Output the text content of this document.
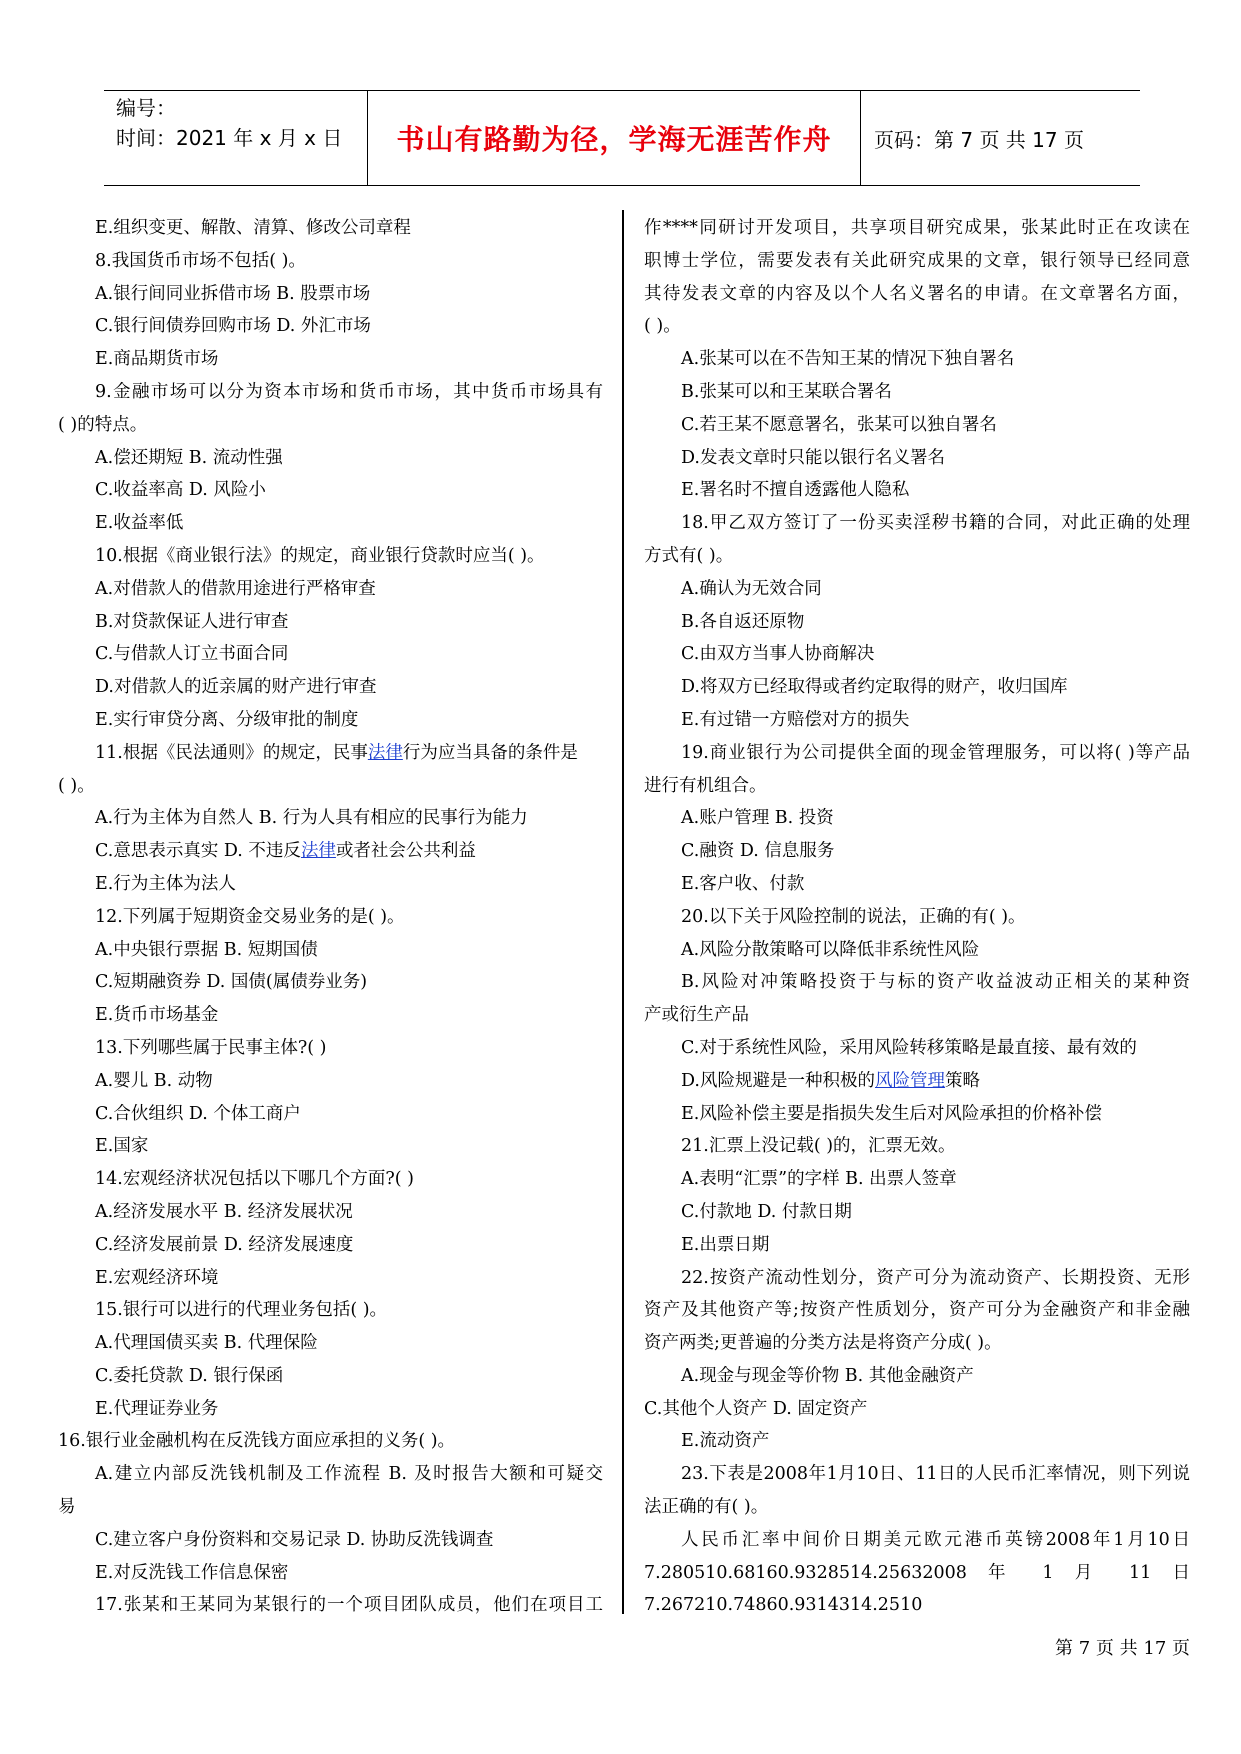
编号：
时间：2021 年 x 月 x 日	书山有路勤为径，学海无涯苦作舟 页码：第 7 页 共 17 页
E.组织变更、解散、清算、修改公司章程
8.我国货币市场不包括( )。
A.银行间同业拆借市场 B. 股票市场
C.银行间债券回购市场 D. 外汇市场
E.商品期货市场
9.金融市场可以分为资本市场和货币市场，其中货币市场具有
( )的特点。
A.偿还期短 B. 流动性强
C.收益率高 D. 风险小
E.收益率低
10.根据《商业银行法》的规定，商业银行贷款时应当( )。
A.对借款人的借款用途进行严格审查
B.对贷款保证人进行审查
C.与借款人订立书面合同
D.对借款人的近亲属的财产进行审查
E.实行审贷分离、分级审批的制度
11.根据《民法通则》的规定，民事法律行为应当具备的条件是
( )。
A.行为主体为自然人 B. 行为人具有相应的民事行为能力
C.意思表示真实 D. 不违反法律或者社会公共利益
E.行为主体为法人
12.下列属于短期资金交易业务的是( )。
A.中央银行票据 B. 短期国债
C.短期融资券 D. 国债(属债券业务)
E.货币市场基金
13.下列哪些属于民事主体?( )
A.婴儿 B. 动物
C.合伙组织 D. 个体工商户
E.国家
14.宏观经济状况包括以下哪几个方面?( )
A.经济发展水平 B. 经济发展状况
C.经济发展前景 D. 经济发展速度
E.宏观经济环境
15.银行可以进行的代理业务包括( )。
A.代理国债买卖 B. 代理保险
C.委托贷款 D. 银行保函
E.代理证券业务
16.银行业金融机构在反洗钱方面应承担的义务( )。
A.建立内部反洗钱机制及工作流程 B. 及时报告大额和可疑交
易
C.建立客户身份资料和交易记录 D. 协助反洗钱调查
E.对反洗钱工作信息保密
17.张某和王某同为某银行的一个项目团队成员，他们在项目工
作****同研讨开发项目，共享项目研究成果，张某此时正在攻读在
职博士学位，需要发表有关此研究成果的文章，银行领导已经同意
其待发表文章的内容及以个人名义署名的申请。在文章署名方面，
( )。
A.张某可以在不告知王某的情况下独自署名
B.张某可以和王某联合署名
C.若王某不愿意署名，张某可以独自署名
D.发表文章时只能以银行名义署名
E.署名时不擅自透露他人隐私
18.甲乙双方签订了一份买卖淫秽书籍的合同，对此正确的处理
方式有( )。
A.确认为无效合同
B.各自返还原物
C.由双方当事人协商解决
D.将双方已经取得或者约定取得的财产，收归国库
E.有过错一方赔偿对方的损失
19.商业银行为公司提供全面的现金管理服务，可以将( )等产品
进行有机组合。
A.账户管理 B. 投资
C.融资 D. 信息服务
E.客户收、付款
20.以下关于风险控制的说法，正确的有( )。
A.风险分散策略可以降低非系统性风险
B.风险对冲策略投资于与标的资产收益波动正相关的某种资
产或衍生产品
C.对于系统性风险，采用风险转移策略是最直接、最有效的
D.风险规避是一种积极的风险管理策略
E.风险补偿主要是指损失发生后对风险承担的价格补偿
21.汇票上没记载( )的，汇票无效。
A.表明“汇票”的字样 B. 出票人签章
C.付款地 D. 付款日期
E.出票日期
22.按资产流动性划分，资产可分为流动资产、长期投资、无形
资产及其他资产等;按资产性质划分，资产可分为金融资产和非金融
资产两类;更普遍的分类方法是将资产分成( )。
A.现金与现金等价物 B. 其他金融资产
C.其他个人资产 D. 固定资产
E.流动资产
23.下表是2008年1月10日、11日的人民币汇率情况，则下列说
法正确的有( )。
人民币汇率中间价日期美元欧元港币英镑2008年1月10日
7.280510.68160.9328514.25632008 年 1 月 11 日
7.267210.74860.9314314.2510
第 7 页 共 17 页
